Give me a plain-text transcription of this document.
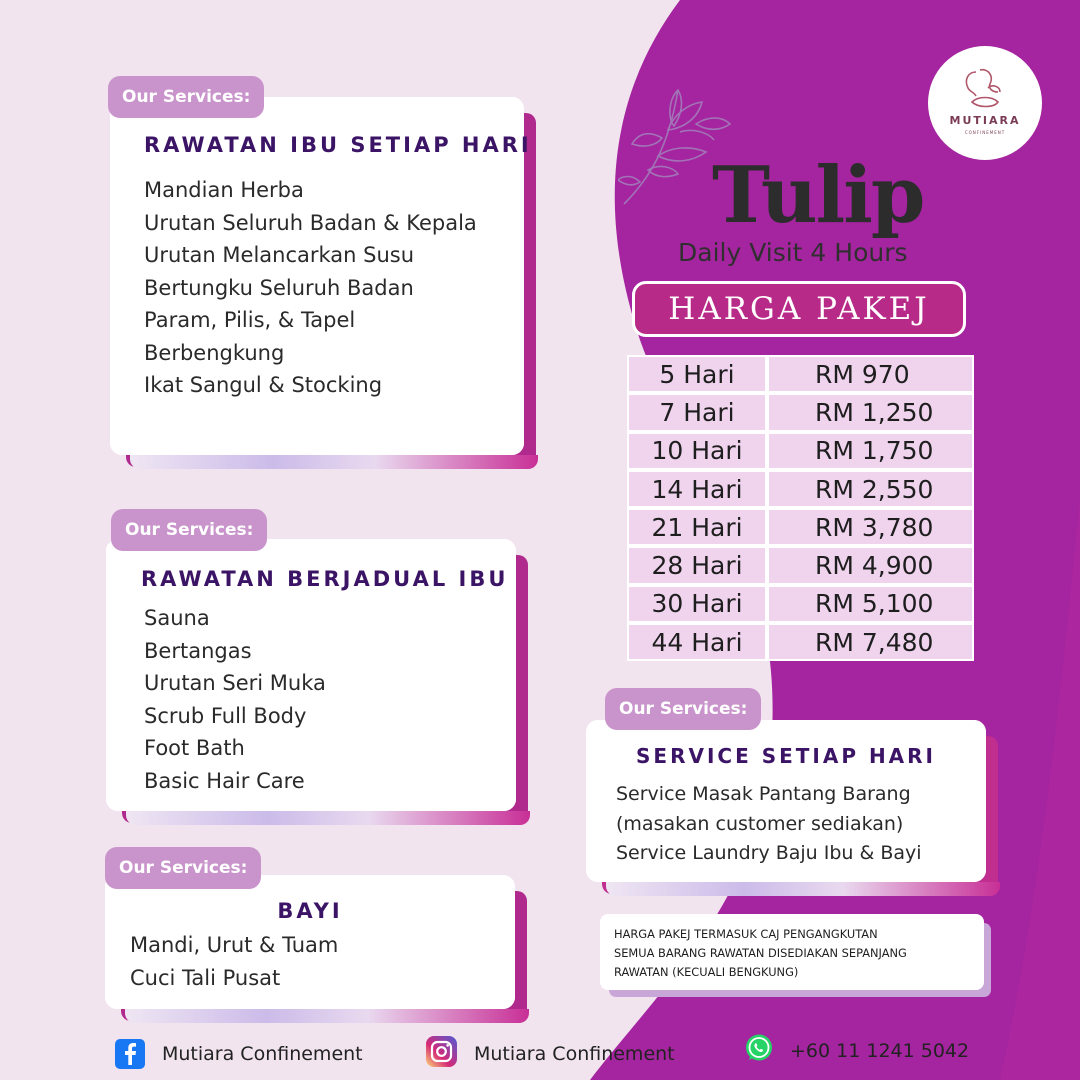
MUTIARA
CONFINEMENT
Tulip
Daily Visit 4 Hours
HARGA PAKEJ
5 Hari	RM 970
7 Hari	RM 1,250
10 Hari	RM 1,750
14 Hari	RM 2,550
21 Hari	RM 3,780
28 Hari	RM 4,900
30 Hari	RM 5,100
44 Hari	RM 7,480
RAWATAN IBU SETIAP HARI
Mandian Herba
Urutan Seluruh Badan & Kepala
Urutan Melancarkan Susu
Bertungku Seluruh Badan
Param, Pilis, & Tapel
Berbengkung
Ikat Sangul & Stocking
Our Services:
RAWATAN BERJADUAL IBU
Sauna
Bertangas
Urutan Seri Muka
Scrub Full Body
Foot Bath
Basic Hair Care
Our Services:
BAYI
Mandi, Urut & Tuam
Cuci Tali Pusat
Our Services:
SERVICE SETIAP HARI
Service Masak Pantang Barang
(masakan customer sediakan)
Service Laundry Baju Ibu & Bayi
Our Services:
HARGA PAKEJ TERMASUK CAJ PENGANGKUTAN
SEMUA BARANG RAWATAN DISEDIAKAN SEPANJANG
RAWATAN (KECUALI BENGKUNG)
Mutiara Confinement	Mutiara Confinement	+60 11 1241 5042
